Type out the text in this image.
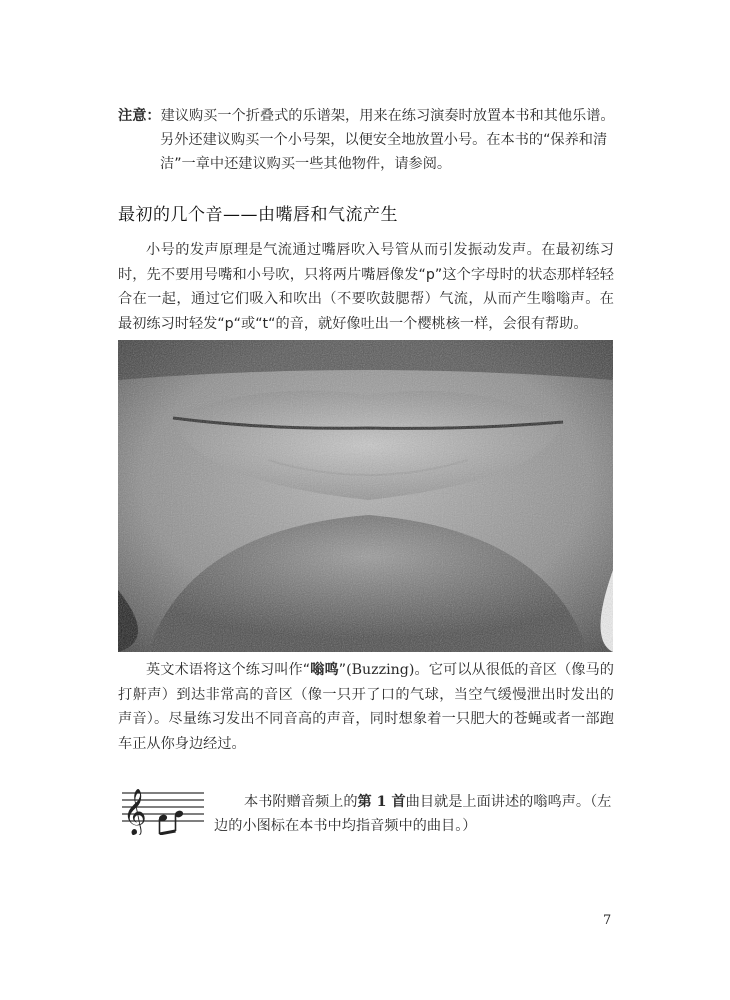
注意：建议购买一个折叠式的乐谱架，用来在练习演奏时放置本书和其他乐谱。
另外还建议购买一个小号架，以便安全地放置小号。在本书的“保养和清洁”一章中还建议购买一些其他物件，请参阅。
最初的几个音——由嘴唇和气流产生
小号的发声原理是气流通过嘴唇吹入号管从而引发振动发声。在最初练习时，先不要用号嘴和小号吹，只将两片嘴唇像发“p”这个字母时的状态那样轻轻合在一起，通过它们吸入和吹出（不要吹鼓腮帮）气流，从而产生嗡嗡声。在最初练习时轻发“p“或“t“的音，就好像吐出一个樱桃核一样，会很有帮助。
英文术语将这个练习叫作“嗡鸣”(Buzzing)。它可以从很低的音区（像马的打鼾声）到达非常高的音区（像一只开了口的气球，当空气缓慢泄出时发出的声音）。尽量练习发出不同音高的声音，同时想象着一只肥大的苍蝇或者一部跑车正从你身边经过。
𝄞	本书附赠音频上的第 1 首曲目就是上面讲述的嗡鸣声。（左边的小图标在本书中均指音频中的曲目。）
7
